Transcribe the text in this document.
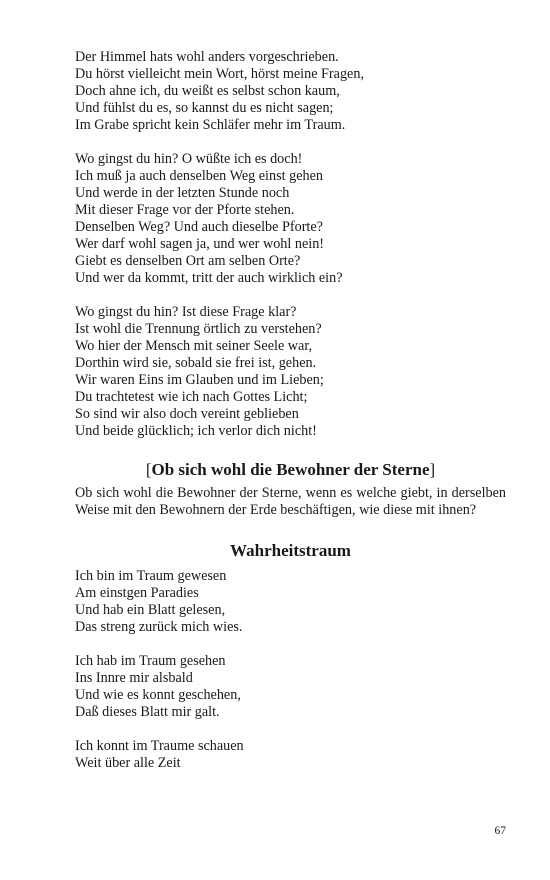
Der Himmel hats wohl anders vorgeschrieben.
Du hörst vielleicht mein Wort, hörst meine Fragen,
Doch ahne ich, du weißt es selbst schon kaum,
Und fühlst du es, so kannst du es nicht sagen;
Im Grabe spricht kein Schläfer mehr im Traum.
Wo gingst du hin? O wüßte ich es doch!
Ich muß ja auch denselben Weg einst gehen
Und werde in der letzten Stunde noch
Mit dieser Frage vor der Pforte stehen.
Denselben Weg? Und auch dieselbe Pforte?
Wer darf wohl sagen ja, und wer wohl nein!
Giebt es denselben Ort am selben Orte?
Und wer da kommt, tritt der auch wirklich ein?
Wo gingst du hin? Ist diese Frage klar?
Ist wohl die Trennung örtlich zu verstehen?
Wo hier der Mensch mit seiner Seele war,
Dorthin wird sie, sobald sie frei ist, gehen.
Wir waren Eins im Glauben und im Lieben;
Du trachtetest wie ich nach Gottes Licht;
So sind wir also doch vereint geblieben
Und beide glücklich; ich verlor dich nicht!
[Ob sich wohl die Bewohner der Sterne]

Ob sich wohl die Bewohner der Sterne, wenn es welche giebt, in derselben Weise mit den Bewohnern der Erde beschäftigen, wie diese mit ihnen?

Wahrheitstraum
Ich bin im Traum gewesen
Am einstgen Paradies
Und hab ein Blatt gelesen,
Das streng zurück mich wies.
Ich hab im Traum gesehen
Ins Innre mir alsbald
Und wie es konnt geschehen,
Daß dieses Blatt mir galt.
Ich konnt im Traume schauen
Weit über alle Zeit
67
